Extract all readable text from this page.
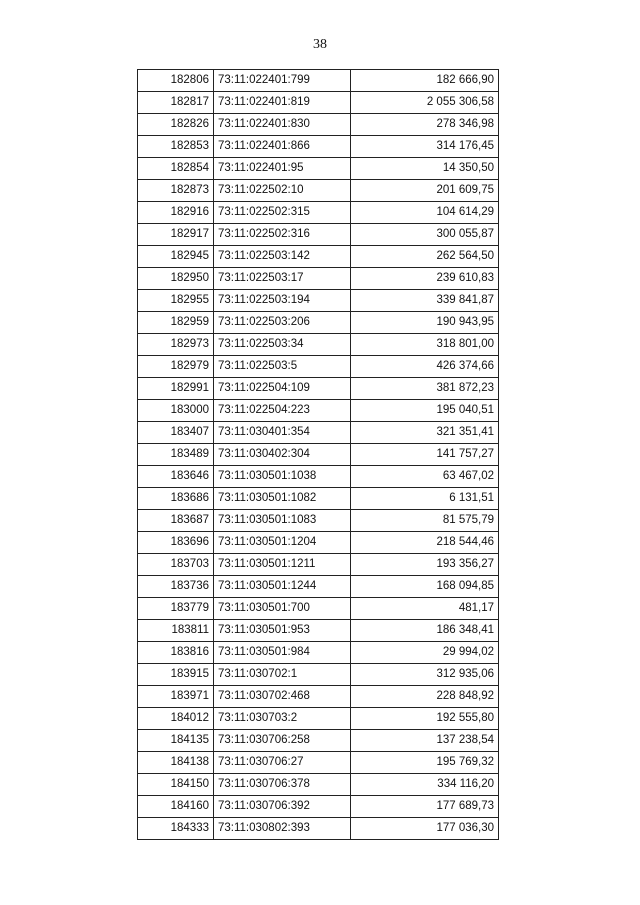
38
182806	73:11:022401:799	182 666,90
182817	73:11:022401:819	2 055 306,58
182826	73:11:022401:830	278 346,98
182853	73:11:022401:866	314 176,45
182854	73:11:022401:95	14 350,50
182873	73:11:022502:10	201 609,75
182916	73:11:022502:315	104 614,29
182917	73:11:022502:316	300 055,87
182945	73:11:022503:142	262 564,50
182950	73:11:022503:17	239 610,83
182955	73:11:022503:194	339 841,87
182959	73:11:022503:206	190 943,95
182973	73:11:022503:34	318 801,00
182979	73:11:022503:5	426 374,66
182991	73:11:022504:109	381 872,23
183000	73:11:022504:223	195 040,51
183407	73:11:030401:354	321 351,41
183489	73:11:030402:304	141 757,27
183646	73:11:030501:1038	63 467,02
183686	73:11:030501:1082	6 131,51
183687	73:11:030501:1083	81 575,79
183696	73:11:030501:1204	218 544,46
183703	73:11:030501:1211	193 356,27
183736	73:11:030501:1244	168 094,85
183779	73:11:030501:700	481,17
183811	73:11:030501:953	186 348,41
183816	73:11:030501:984	29 994,02
183915	73:11:030702:1	312 935,06
183971	73:11:030702:468	228 848,92
184012	73:11:030703:2	192 555,80
184135	73:11:030706:258	137 238,54
184138	73:11:030706:27	195 769,32
184150	73:11:030706:378	334 116,20
184160	73:11:030706:392	177 689,73
184333	73:11:030802:393	177 036,30
